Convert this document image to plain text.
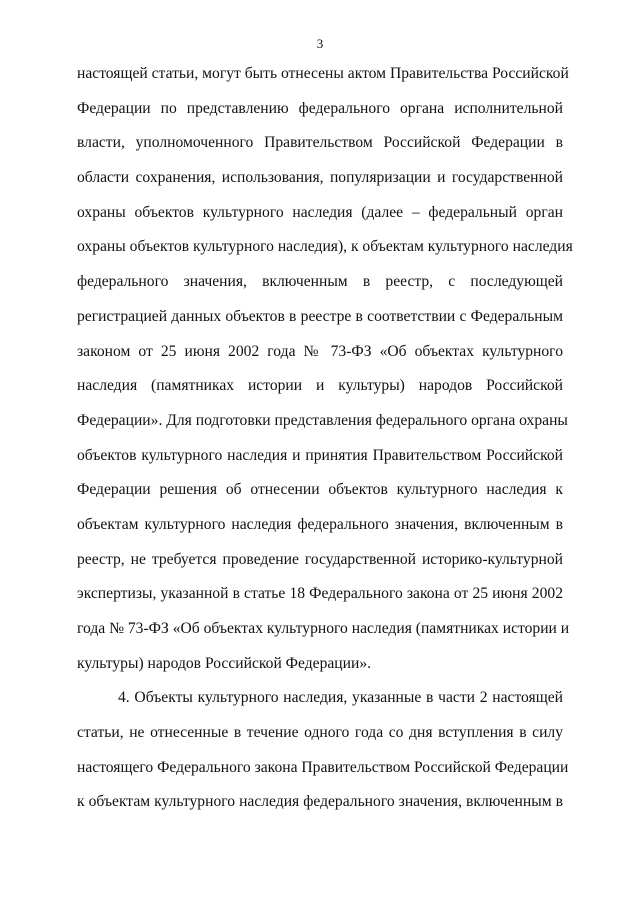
3
настоящей статьи, могут быть отнесены актом Правительства Российской
Федерации по представлению федерального органа исполнительной
власти, уполномоченного Правительством Российской Федерации в
области сохранения, использования, популяризации и государственной
охраны объектов культурного наследия (далее – федеральный орган
охраны объектов культурного наследия), к объектам культурного наследия
федерального значения, включенным в реестр, с последующей
регистрацией данных объектов в реестре в соответствии с Федеральным
законом от 25 июня 2002 года № 73-ФЗ «Об объектах культурного
наследия (памятниках истории и культуры) народов Российской
Федерации». Для подготовки представления федерального органа охраны
объектов культурного наследия и принятия Правительством Российской
Федерации решения об отнесении объектов культурного наследия к
объектам культурного наследия федерального значения, включенным в
реестр, не требуется проведение государственной историко-культурной
экспертизы, указанной в статье 18 Федерального закона от 25 июня 2002
года № 73-ФЗ «Об объектах культурного наследия (памятниках истории и
культуры) народов Российской Федерации».
4. Объекты культурного наследия, указанные в части 2 настоящей
статьи, не отнесенные в течение одного года со дня вступления в силу
настоящего Федерального закона Правительством Российской Федерации
к объектам культурного наследия федерального значения, включенным в
